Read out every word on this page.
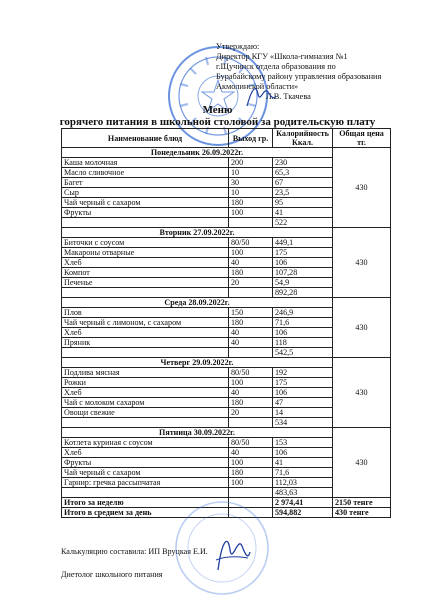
Утверждаю:
Директор КГУ «Школа-гимназия №1
г.Щучинск отдела образования по
Бурабайскому району управления образования
Акмолинской области»
Л.В. Ткачева
Меню
горячего питания в школьной столовой за родительскую плату
Наименование блюд	Выход гр.	Калорийность Ккал.	Общая цена тг.
Понедельник 26.09.2022г.			430
Каша молочная	200	230	
Масло сливочное	10	65,3	
Багет	30	67	
Сыр	10	23,5	
Чай черный с сахаром	180	95	
Фрукты	100	41	
		522	
Вторник 27.09.2022г.			430
Биточки с соусом	80/50	449,1	
Макароны отварные	100	175	
Хлеб	40	106	
Компот	180	107,28	
Печенье	20	54,9	
		892,28	
Среда 28.09.2022г.			430
Плов	150	246,9	
Чай черный с лимоном, с сахаром	180	71,6	
Хлеб	40	106	
Пряник	40	118	
		542,5	
Четверг 29.09.2022г.			430
Подлива мясная	80/50	192	
Рожки	100	175	
Хлеб	40	106	
Чай с молоком сахаром	180	47	
Овощи свежие	20	14	
		534	
Пятница 30.09.2022г.			430
Котлета куриная с соусом	80/50	153	
Хлеб	40	106	
Фрукты	100	41	
Чай черный с сахаром	180	71,6	
Гарнир: гречка рассыпчатая	100	112,03	
		483,63	
Итого за неделю		2 974,41	2150 тенге
Итого в среднем за день		594,882	430 тенге
Калькуляцию составила: ИП Вруцкая Е.И.
Диетолог школьного питания
